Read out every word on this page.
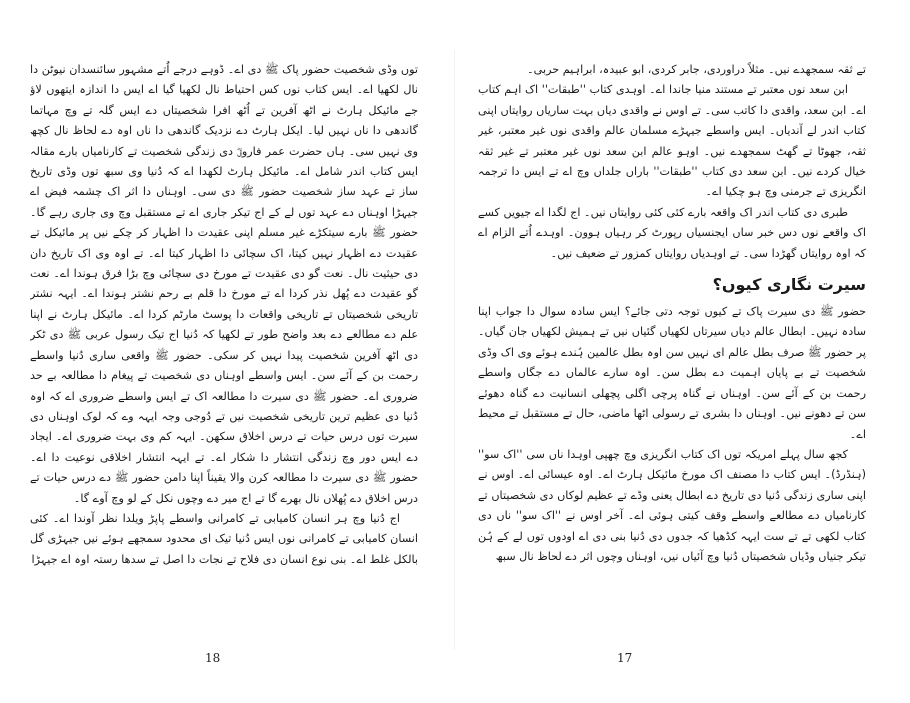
توں وڈی شخصیت حضور پاک ﷺ دی اے۔ ڈوہے درجے اُتے مشہور سائنسدان نیوٹن دا نال لکھیا اے۔ ایس کتاب نوں کس احتیاط نال لکھیا گیا اے ایس دا اندازہ ایتھوں لاؤ جے مائیکل ہارٹ نے اٹھ آفرین تے اُٹھ افرا شخصیتاں دے ایس گلہ تے وچ مہاتما گاندھی دا ناں نہیں لیا۔ ایکل ہارٹ دے نزدیک گاندھی دا ناں اوہ دے لحاظ نال کچھ وی نہیں سی۔ ہاں حضرت عمر فاروقؓ دی زندگی شخصیت تے کارنامیاں بارے مقالہ ایس کتاب اندر شامل اے۔ مائیکل ہارٹ لکھدا اے کہ دُنیا وی سبھ توں وڈی تاریخ ساز تے عہد ساز شخصیت حضور ﷺ دی سی۔ اوہناں دا اثر اک چشمہ فیض اے جیہڑا اوہناں دے عہد توں لے کے اج تیکر جاری اے تے مستقبل وچ وی جاری رہے گا۔ حضور ﷺ بارے سیتکڑے غیر مسلم اپنی عقیدت دا اظہار کر چکے نیں پر مائیکل تے عقیدت دے اظہار نہیں کیتا، اک سچائی دا اظہار کیتا اے۔ تے اوہ وی اک تاریخ دان دی حیثیت نال۔ نعت گو دی عقیدت تے مورخ دی سچائی وچ بڑا فرق ہوندا اے۔ نعت گو عقیدت دے پُھل نذر کردا اے تے مورخ دا قلم بے رحم نشتر ہوندا اے۔ ایہہ نشتر تاریخی شخصیتاں تے تاریخی واقعات دا پوسٹ مارٹم کردا اے۔ مائیکل ہارٹ نے اپنا علم دے مطالعے دے بعد واضح طور تے لکھیا کہ دُنیا اج تیک رسول عربی ﷺ دی ٹکر دی اٹھ آفرین شخصیت پیدا نہیں کر سکی۔ حضور ﷺ واقعی ساری دُنیا واسطے رحمت بن کے آئے سن۔ ایس واسطے اوہناں دی شخصیت تے پیغام دا مطالعہ بے حد ضروری اے۔ حضور ﷺ دی سیرت دا مطالعہ اک تے ایس واسطے ضروری اے کہ اوہ دُنیا دی عظیم ترین تاریخی شخصیت نیں تے دُوجی وجہ ایہہ وے کہ لوک اوہناں دی سیرت توں درس حیات تے درس اخلاق سکھن۔ ایہہ کم وی بہت ضروری اے۔ ایجاد دے ایس دور وچ زندگی انتشار دا شکار اے۔ تے ایہہ انتشار اخلاقی نوعیت دا اے۔ حضور ﷺ دی سیرت دا مطالعہ کرن والا یقیناً اپنا دامن حضور ﷺ دے درس حیات تے درس اخلاق دے پُھلاں نال بھرے گا تے اج میر دے وچوں نکل کے لو وچ آوے گا۔

اج دُنیا وچ ہر انسان کامیابی تے کامرانی واسطے پاپڑ ویلدا نظر آوندا اے۔ کئی انسان کامیابی تے کامرانی نوں ایس دُنیا تیک ای محدود سمجھے ہوئے نیں جیہڑی گل بالکل غلط اے۔ بنی نوع انسان دی فلاح تے نجات دا اصل تے سدھا رستہ اوہ اے جیہڑا

تے ثقہ سمجھدے نیں۔ مثلاً دراوردی، جابر کردی، ابو عبیدہ، ابراہیم حربی۔

ابن سعد نوں معتبر تے مستند منیا جاندا اے۔ اوہدی کتاب ''طبقات'' اک اہم کتاب اے۔ ابن سعد، واقدی دا کاتب سی۔ تے اوس نے واقدی دیاں بہت ساریاں روایتاں اپنی کتاب اندر لے آندیاں۔ ایس واسطے جیہڑے مسلمان عالم واقدی نوں غیر معتبر، غیر ثقہ، جھوٹا تے گھٹ سمجھدے نیں۔ اوہو عالم ابن سعد نوں غیر معتبر تے غیر ثقہ خیال کردے نیں۔ ابن سعد دی کتاب ''طبقات'' باراں جلداں وچ اے تے ایس دا ترجمہ انگریزی تے جرمنی وچ ہو چکیا اے۔

طبری دی کتاب اندر اک واقعہ بارے کئی کئی روایتاں نیں۔ اج لگدا اے جیویں کسے اک واقعے نوں دس خبر ساں ایجنسیاں رپورٹ کر رہیاں ہوون۔ اوہدے اُتے الزام اے کہ اوہ روایتاں گھڑدا سی۔ تے اوہدیاں روایتاں کمزور تے ضعیف نیں۔

سیرت نگاری کیوں؟

حضور ﷺ دی سیرت پاک تے کیوں توجہ دتی جائے؟ ایس سادہ سوال دا جواب اپنا سادہ نہیں۔ ابطال عالم دیاں سیرتاں لکھیاں گئیاں نیں تے ہمیش لکھیاں جان گیاں۔ پر حضور ﷺ صرف بطل عالم ای نہیں سن اوہ بطل عالمین ہُندے ہوئے وی اک وڈی شخصیت تے بے پایاں اہمیت دے بطل سن۔ اوہ سارے عالماں دے جگاں واسطے رحمت بن کے آئے سن۔ اوہناں نے گناہ پرچی اگلی پچھلی انسانیت دے گناہ دھوئے سن تے دھونے نیں۔ اوہناں دا بشری تے رسولی اٹھا ماضی، حال تے مستقبل تے محیط اے۔

کجھ سال پہلے امریکہ توں اک کتاب انگریزی وچ چھپی اوہدا ناں سی ''اک سو'' (ہنڈرڈ)۔ ایس کتاب دا مصنف اک مورخ مائیکل ہارٹ اے۔ اوہ عیسائی اے۔ اوس نے اپنی ساری زندگی دُنیا دی تاریخ دے ابطال یعنی وڈے تے عظیم لوکاں دی شخصیتاں تے کارنامیاں دے مطالعے واسطے وقف کیتی ہوئی اے۔ آخر اوس نے ''اک سو'' ناں دی کتاب لکھی تے تے ست ایہہ کڈھیا کہ جدوں دی دُنیا بنی دی اے اودوں توں لے کے ہُن تیکر جنیاں وڈیاں شخصیتاں دُنیا وچ آئیاں نیں، اوہناں وچوں اثر دے لحاظ نال سبھ

18	17
